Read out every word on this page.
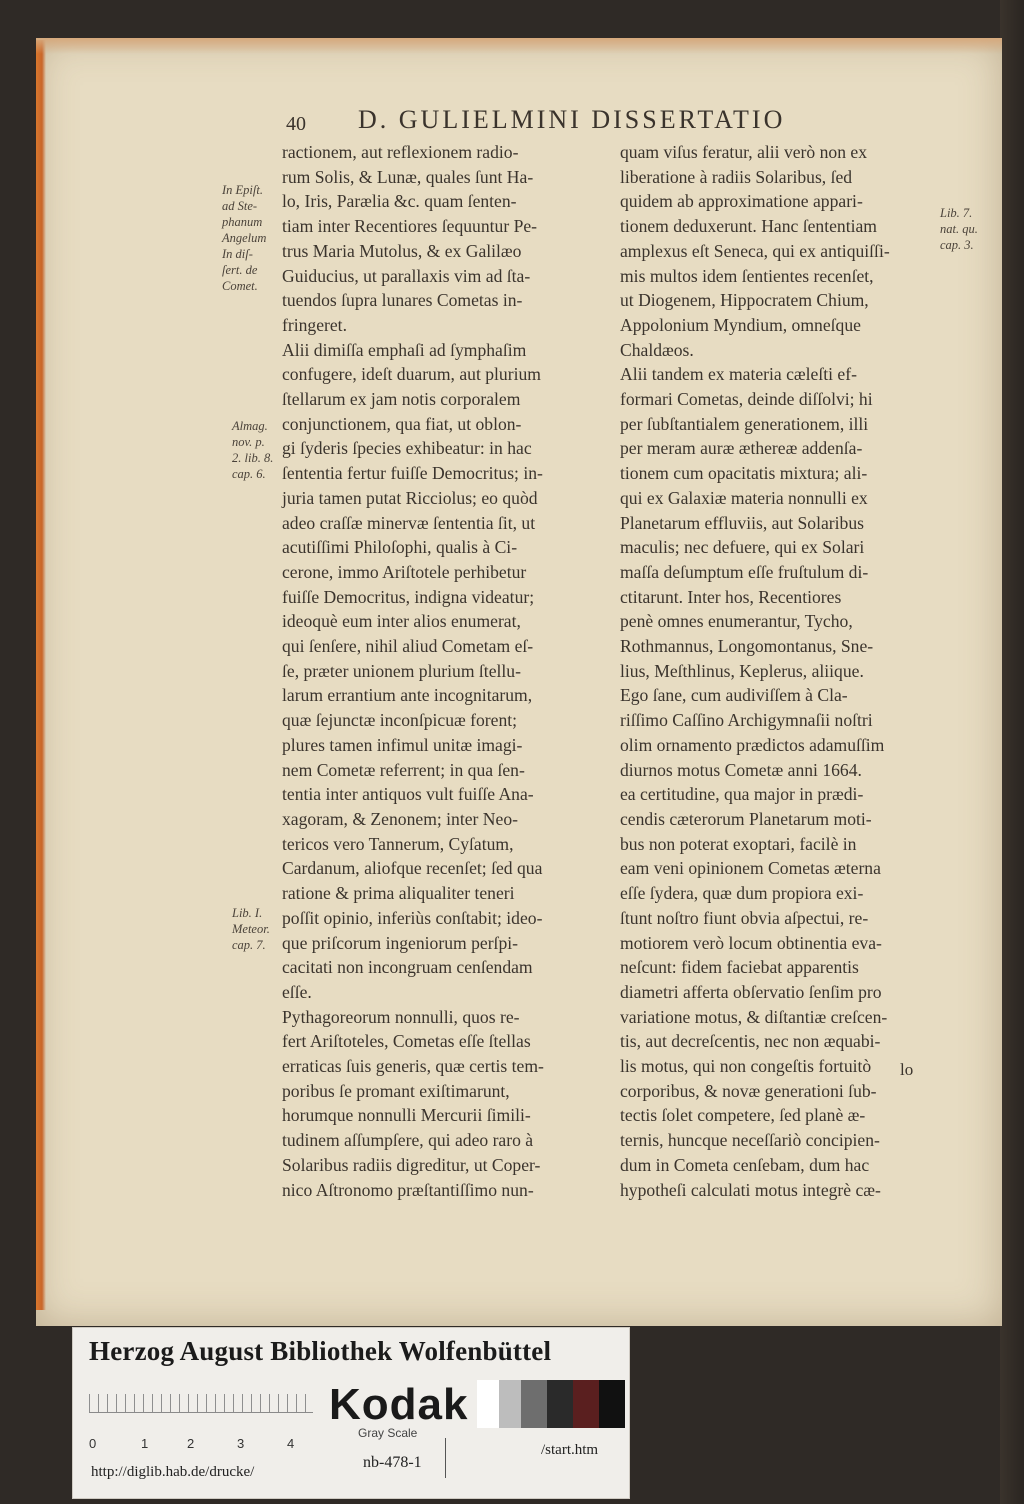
40 D. GULIELMINI DISSERTATIO

ractionem, aut reflexionem radio-
rum Solis, & Lunæ, quales ſunt Ha-
lo, Iris, Parælia &c. quam ſenten-
tiam inter Recentiores ſequuntur Pe-
trus Maria Mutolus, & ex Galilæo
Guiducius, ut parallaxis vim ad ſta-
tuendos ſupra lunares Cometas in-
fringeret.

Alii dimiſſa emphaſi ad ſymphaſim
confugere, ideſt duarum, aut plurium
ſtellarum ex jam notis corporalem
conjunctionem, qua fiat, ut oblon-
gi ſyderis ſpecies exhibeatur: in hac
ſententia fertur fuiſſe Democritus; in-
juria tamen putat Ricciolus; eo quòd
adeo craſſæ minervæ ſententia ſit, ut
acutiſſimi Philoſophi, qualis à Ci-
cerone, immo Ariſtotele perhibetur
fuiſſe Democritus, indigna videatur;
ideoquè eum inter alios enumerat,
qui ſenſere, nihil aliud Cometam eſ-
ſe, præter unionem plurium ſtellu-
larum errantium ante incognitarum,
quæ ſejunctæ inconſpicuæ forent;
plures tamen infimul unitæ imagi-
nem Cometæ referrent; in qua ſen-
tentia inter antiquos vult fuiſſe Ana-
xagoram, & Zenonem; inter Neo-
tericos vero Tannerum, Cyſatum,
Cardanum, aliofque recenſet; ſed qua
ratione & prima aliqualiter teneri
poſſit opinio, inferiùs conſtabit; ideo-
que priſcorum ingeniorum perſpi-
cacitati non incongruam cenſendam
eſſe.

Pythagoreorum nonnulli, quos re-
fert Ariſtoteles, Cometas eſſe ſtellas
erraticas ſuis generis, quæ certis tem-
poribus ſe promant exiſtimarunt,
horumque nonnulli Mercurii ſimili-
tudinem aſſumpſere, qui adeo raro à
Solaribus radiis digreditur, ut Coper-
nico Aſtronomo præſtantiſſimo nun-

quam viſus feratur, alii verò non ex
liberatione à radiis Solaribus, ſed
quidem ab approximatione appari-
tionem deduxerunt. Hanc ſententiam
amplexus eſt Seneca, qui ex antiquiſſi-
mis multos idem ſentientes recenſet,
ut Diogenem, Hippocratem Chium,
Appolonium Myndium, omneſque
Chaldæos.

Alii tandem ex materia cæleſti ef-
formari Cometas, deinde diſſolvi; hi
per ſubſtantialem generationem, illi
per meram auræ æthereæ addenſa-
tionem cum opacitatis mixtura; ali-
qui ex Galaxiæ materia nonnulli ex
Planetarum effluviis, aut Solaribus
maculis; nec defuere, qui ex Solari
maſſa deſumptum eſſe fruſtulum di-
ctitarunt. Inter hos, Recentiores
penè omnes enumerantur, Tycho,
Rothmannus, Longomontanus, Sne-
lius, Meſthlinus, Keplerus, aliique.

Ego ſane, cum audiviſſem à Cla-
riſſimo Caſſino Archigymnaſii noſtri
olim ornamento prædictos adamuſſim
diurnos motus Cometæ anni 1664.
ea certitudine, qua major in prædi-
cendis cæterorum Planetarum moti-
bus non poterat exoptari, facilè in
eam veni opinionem Cometas æterna
eſſe ſydera, quæ dum propiora exi-
ſtunt noſtro fiunt obvia aſpectui, re-
motiorem verò locum obtinentia eva-
neſcunt: fidem faciebat apparentis
diametri afferta obſervatio ſenſim pro
variatione motus, & diſtantiæ creſcen-
tis, aut decreſcentis, nec non æquabi-
lis motus, qui non congeſtis fortuitò
corporibus, & novæ generationi ſub-
tectis ſolet competere, ſed planè æ-
ternis, huncque neceſſariò concipien-
dum in Cometa cenſebam, dum hac
hypotheſi calculati motus integrè cæ-

In Epiſt.
ad Ste-
phanum
Angelum
In diſ-
ſert. de
Comet.
Almag.
nov. p.
2. lib. 8.
cap. 6.
Lib. I.
Meteor.
cap. 7.
Lib. 7.
nat. qu.
cap. 3.
lo
Herzog August Bibliothek Wolfenbüttel
0	1	2	3	4
Kodak
Gray Scale
http://diglib.hab.de/drucke/
nb-478-1
/start.htm
